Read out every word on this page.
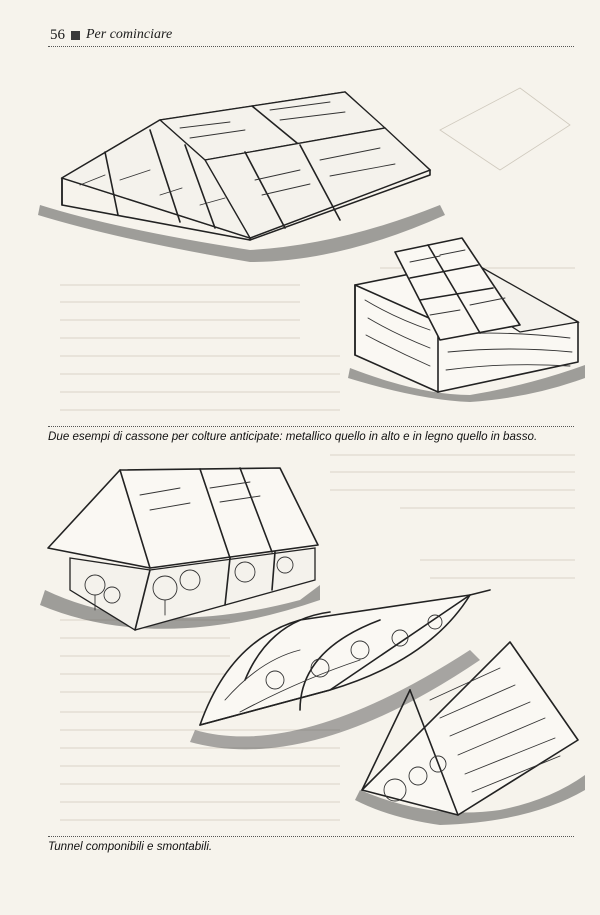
56 Per cominciare
Due esempi di cassone per colture anticipate: metallico quello in alto e in legno quello in basso.
Tunnel componibili e smontabili.
